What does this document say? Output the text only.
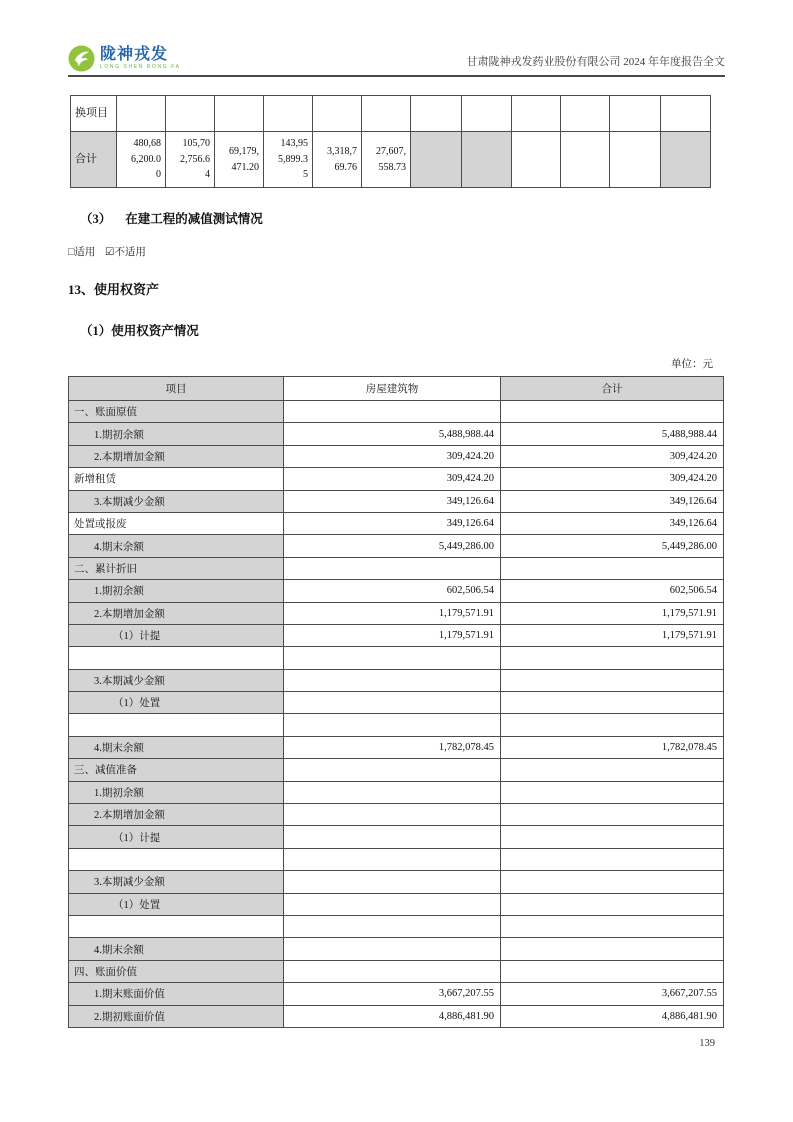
陇神戎发
LONG SHEN RONG FA	甘肃陇神戎发药业股份有限公司 2024 年年度报告全文
换项目												
合计	480,686,200.00	105,702,756.64	69,179,471.20	143,955,899.35	3,318,769.76	27,607,558.73						
（3） 在建工程的减值测试情况
□适用 ☑不适用
13、使用权资产
（1）使用权资产情况
单位：元
项目	房屋建筑物	合计
一、账面原值		
1.期初余额	5,488,988.44	5,488,988.44
2.本期增加金额	309,424.20	309,424.20
新增租赁	309,424.20	309,424.20
3.本期减少金额	349,126.64	349,126.64
处置或报废	349,126.64	349,126.64
4.期末余额	5,449,286.00	5,449,286.00
二、累计折旧		
1.期初余额	602,506.54	602,506.54
2.本期增加金额	1,179,571.91	1,179,571.91
（1）计提	1,179,571.91	1,179,571.91

3.本期减少金额		
（1）处置		

4.期末余额	1,782,078.45	1,782,078.45
三、减值准备		
1.期初余额		
2.本期增加金额		
（1）计提		

3.本期减少金额		
（1）处置		

4.期末余额		
四、账面价值		
1.期末账面价值	3,667,207.55	3,667,207.55
2.期初账面价值	4,886,481.90	4,886,481.90
139
